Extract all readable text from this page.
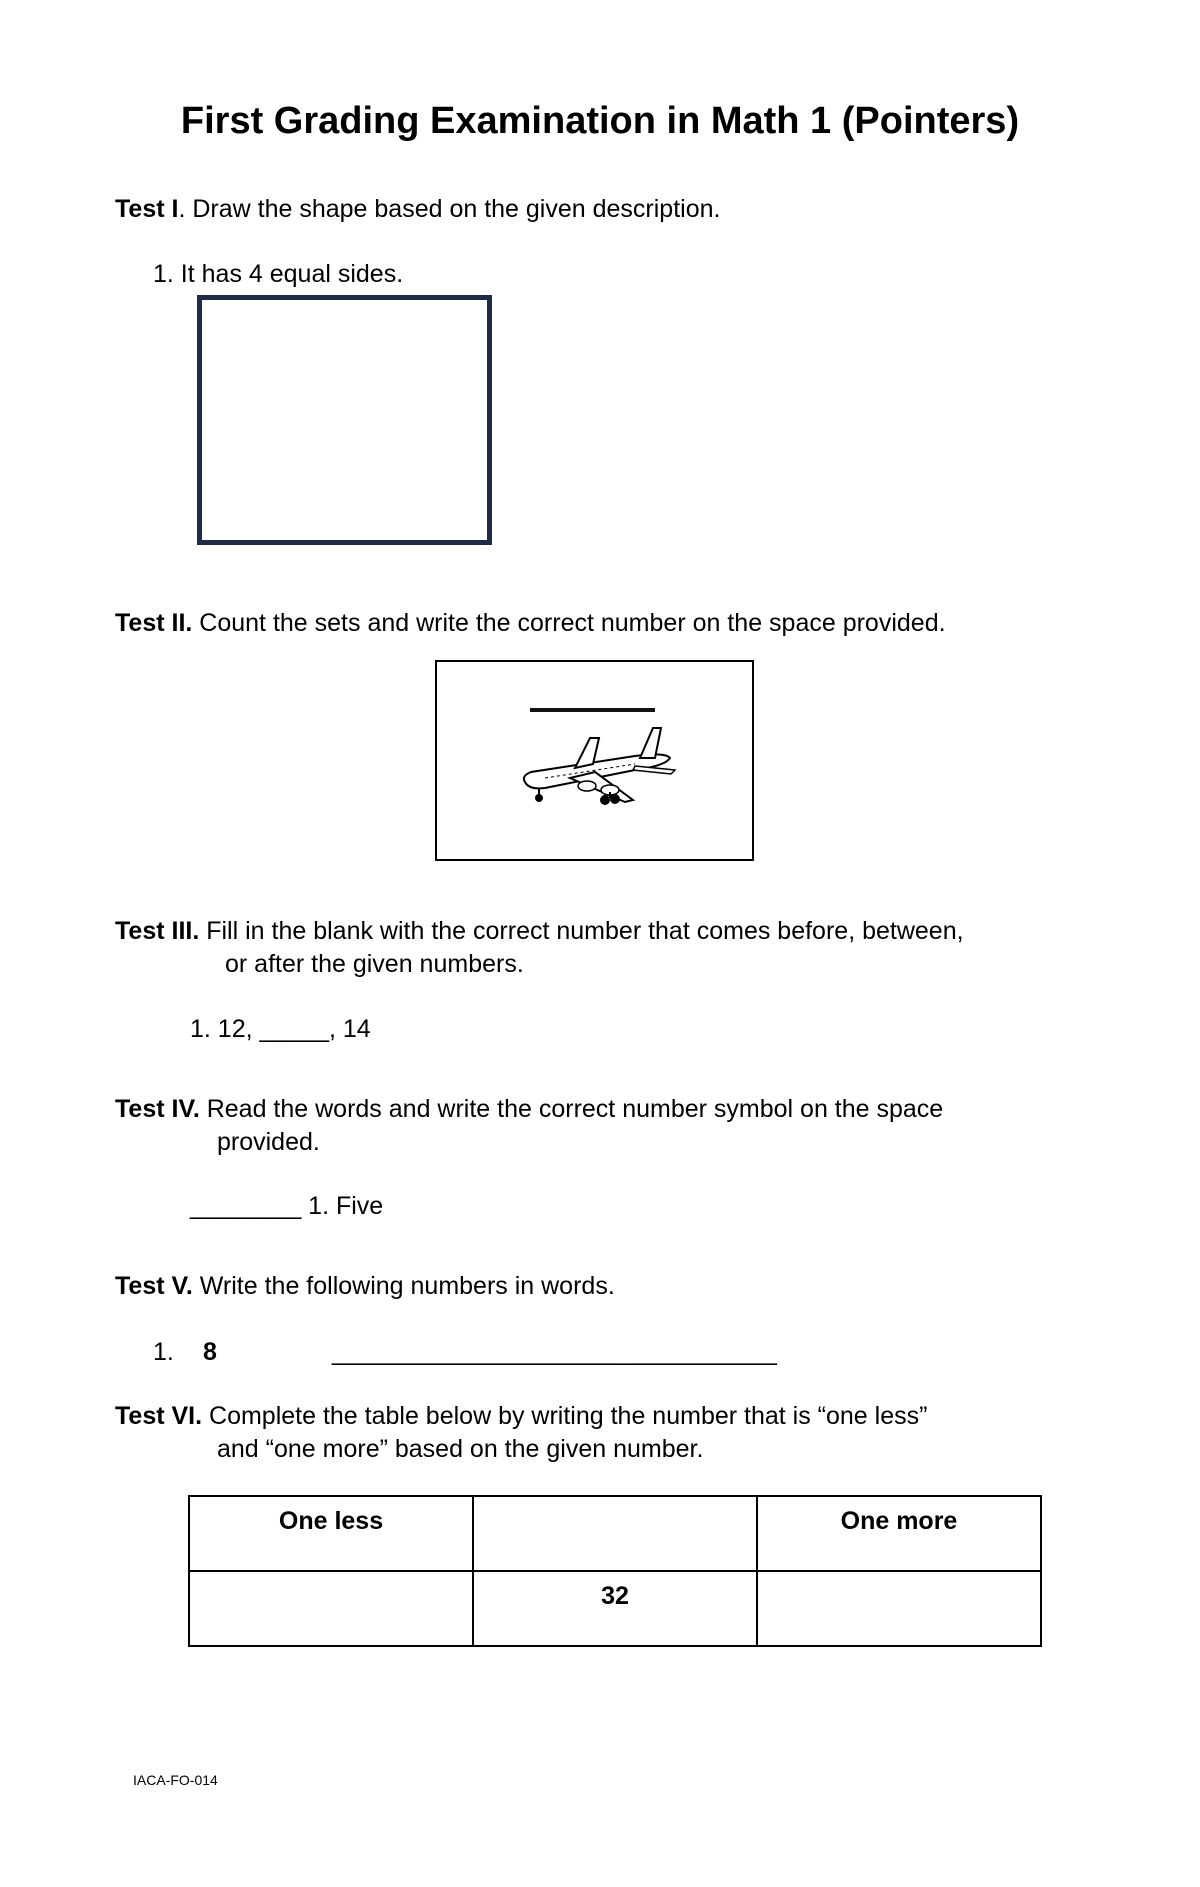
First Grading Examination in Math 1 (Pointers)
Test I. Draw the shape based on the given description.
1. It has 4 equal sides.
Test II. Count the sets and write the correct number on the space provided.
Test III. Fill in the blank with the correct number that comes before, between,
or after the given numbers.
1. 12, _____, 14
Test IV. Read the words and write the correct number symbol on the space
provided.
________ 1. Five
Test V. Write the following numbers in words.
1. 8	________________________________
Test VI. Complete the table below by writing the number that is “one less”
and “one more” based on the given number.
One less		One more
	32	
IACA-FO-014
